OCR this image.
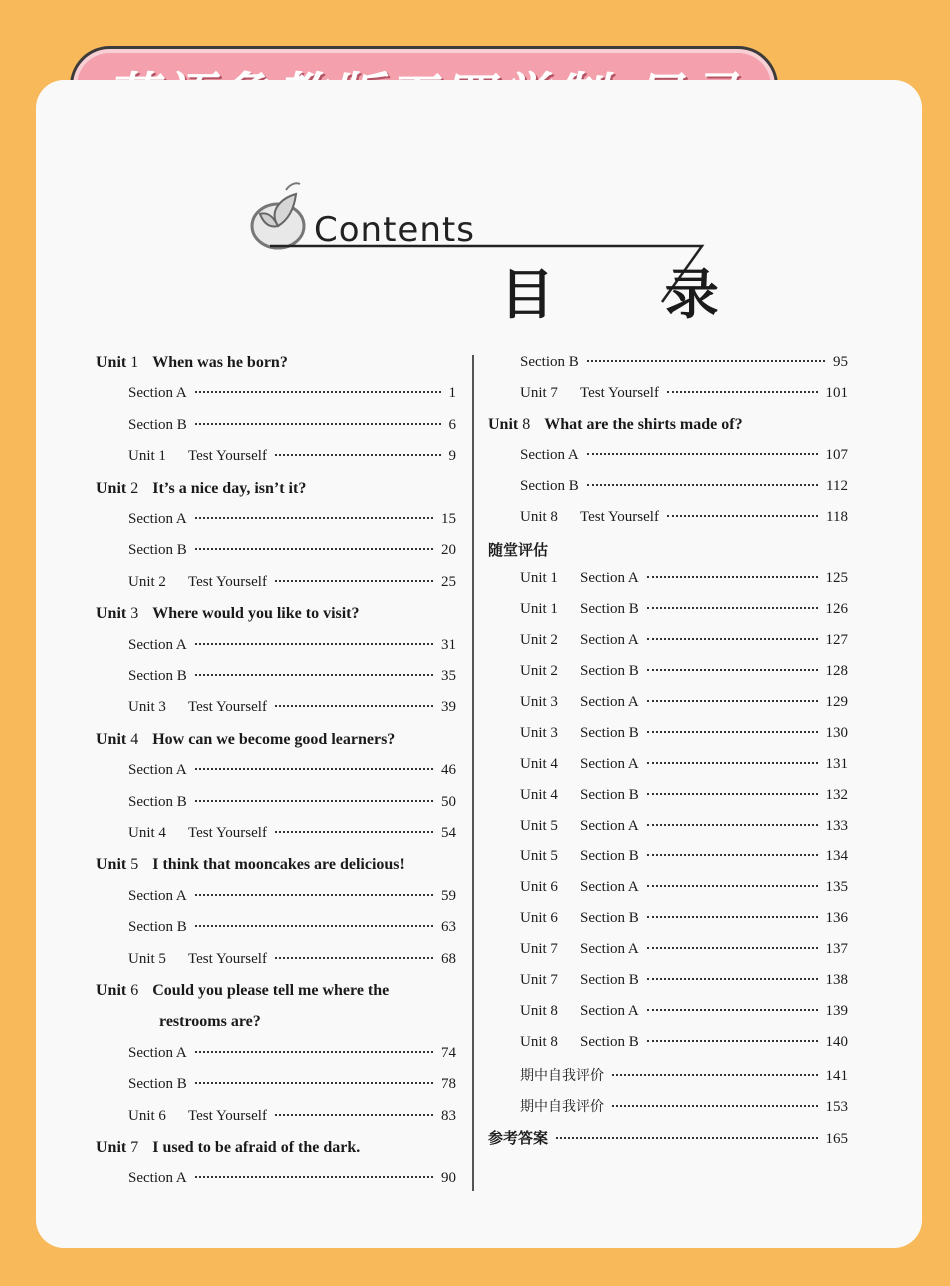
Contents
目 录
Unit 1 When was he born?
Section A	1
Section B	6
Unit 1	Test Yourself	9
Unit 2 It’s a nice day, isn’t it?
Section A	15
Section B	20
Unit 2	Test Yourself	25
Unit 3 Where would you like to visit?
Section A	31
Section B	35
Unit 3	Test Yourself	39
Unit 4 How can we become good learners?
Section A	46
Section B	50
Unit 4	Test Yourself	54
Unit 5 I think that mooncakes are delicious!
Section A	59
Section B	63
Unit 5	Test Yourself	68
Unit 6 Could you please tell me where the
restrooms are?
Section A	74
Section B	78
Unit 6	Test Yourself	83
Unit 7 I used to be afraid of the dark.
Section A	90
Section B	95
Unit 7	Test Yourself	101
Unit 8 What are the shirts made of?
Section A	107
Section B	112
Unit 8	Test Yourself	118
随堂评估
Unit 1	Section A	125
Unit 1	Section B	126
Unit 2	Section A	127
Unit 2	Section B	128
Unit 3	Section A	129
Unit 3	Section B	130
Unit 4	Section A	131
Unit 4	Section B	132
Unit 5	Section A	133
Unit 5	Section B	134
Unit 6	Section A	135
Unit 6	Section B	136
Unit 7	Section A	137
Unit 7	Section B	138
Unit 8	Section A	139
Unit 8	Section B	140
期中自我评价	141
期中自我评价	153
参考答案	165
